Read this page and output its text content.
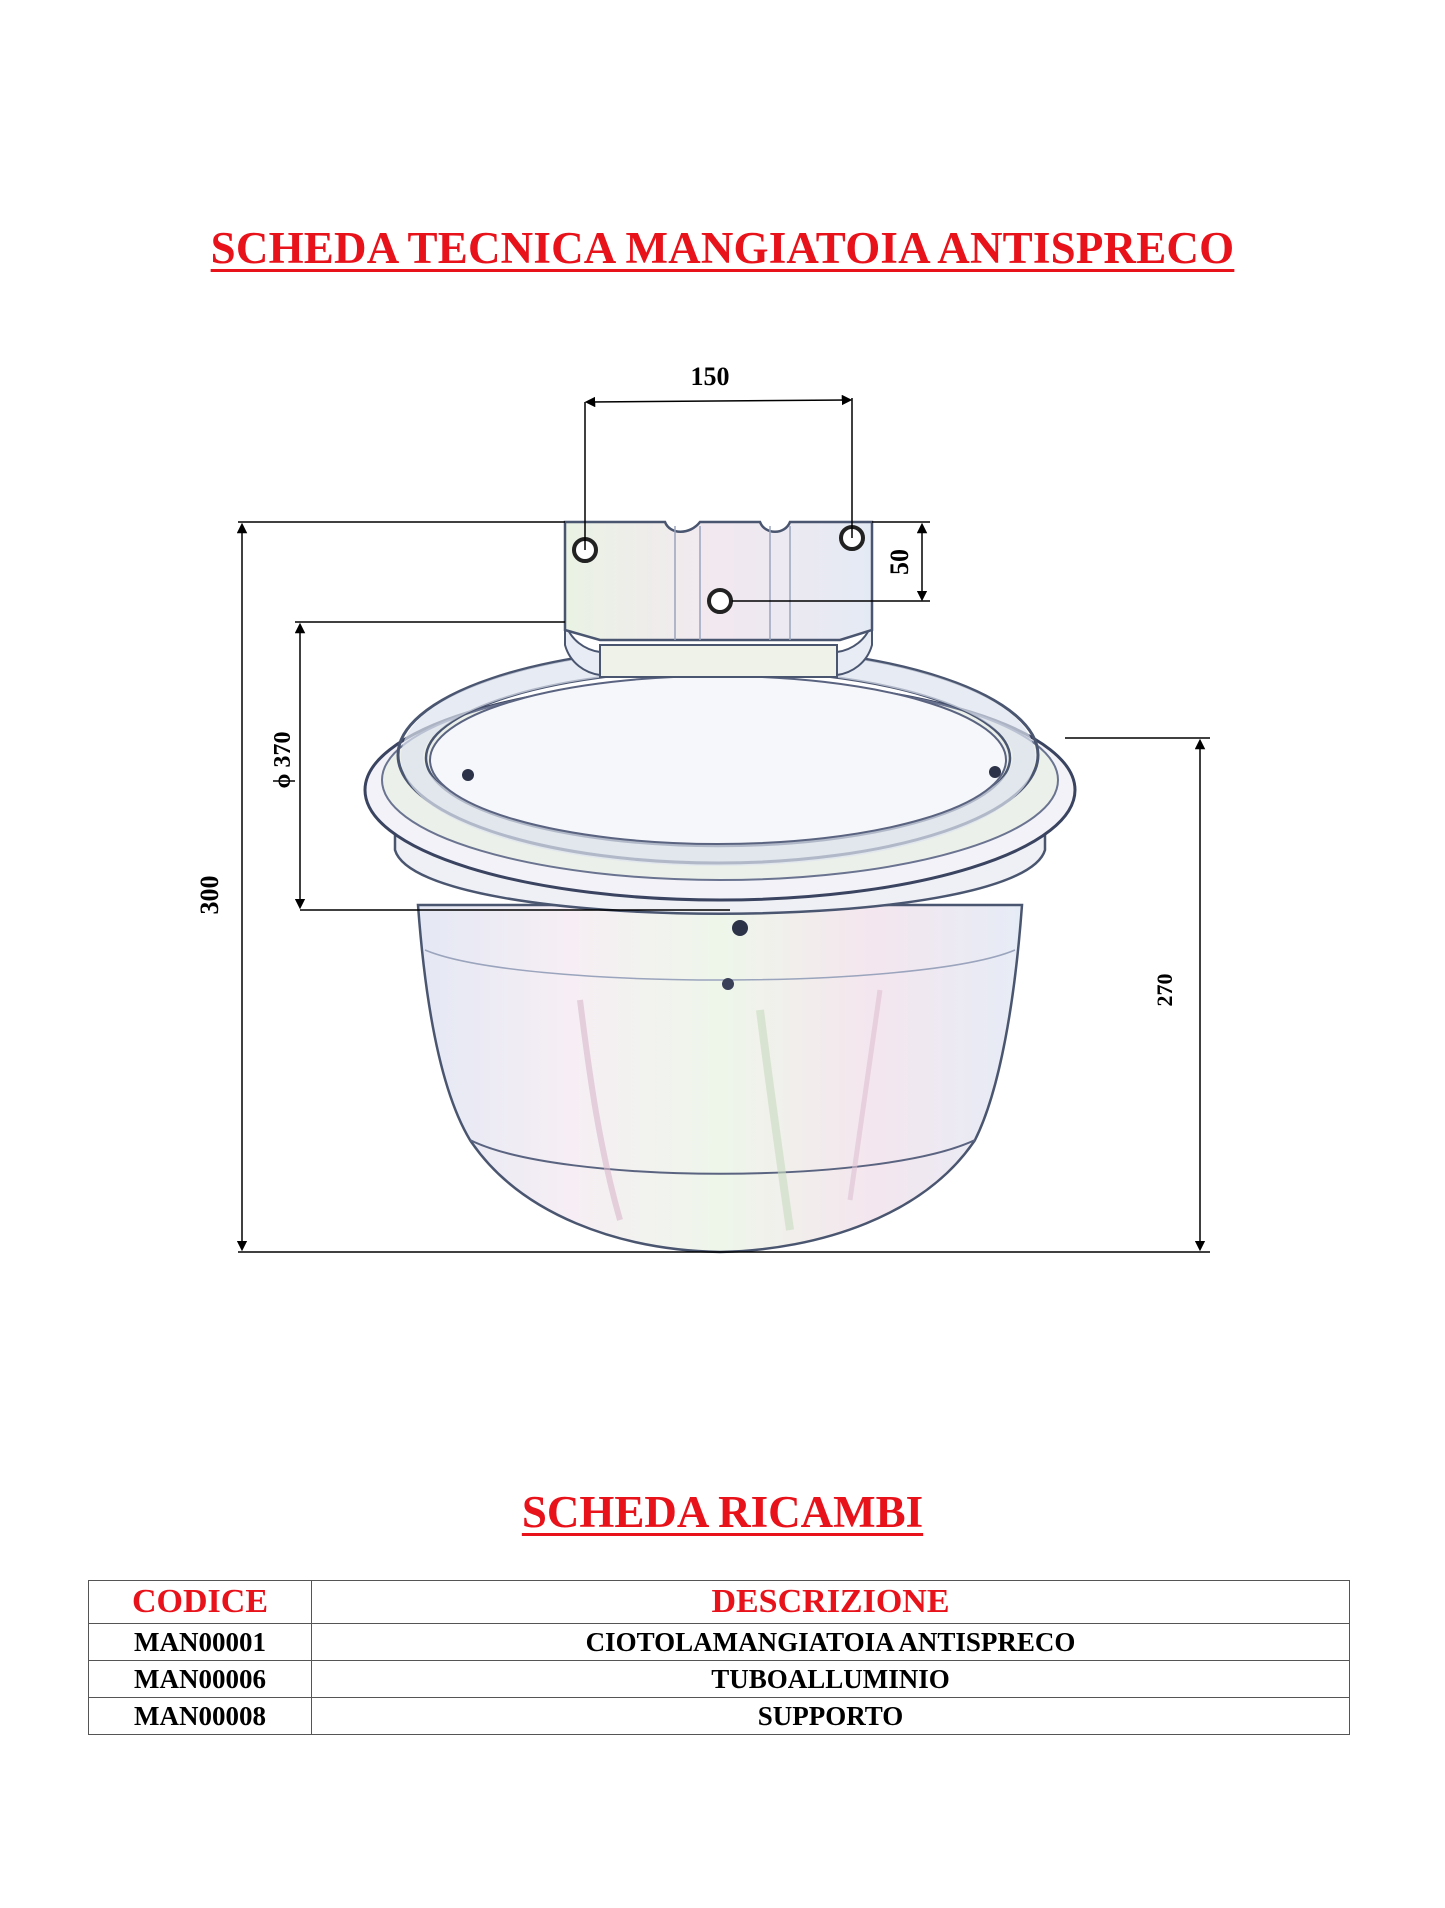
SCHEDA TECNICA MANGIATOIA ANTISPRECO
150
50
300
ϕ 370
270
SCHEDA RICAMBI
CODICE	DESCRIZIONE
MAN00001	CIOTOLAMANGIATOIA ANTISPRECO
MAN00006	TUBOALLUMINIO
MAN00008	SUPPORTO
